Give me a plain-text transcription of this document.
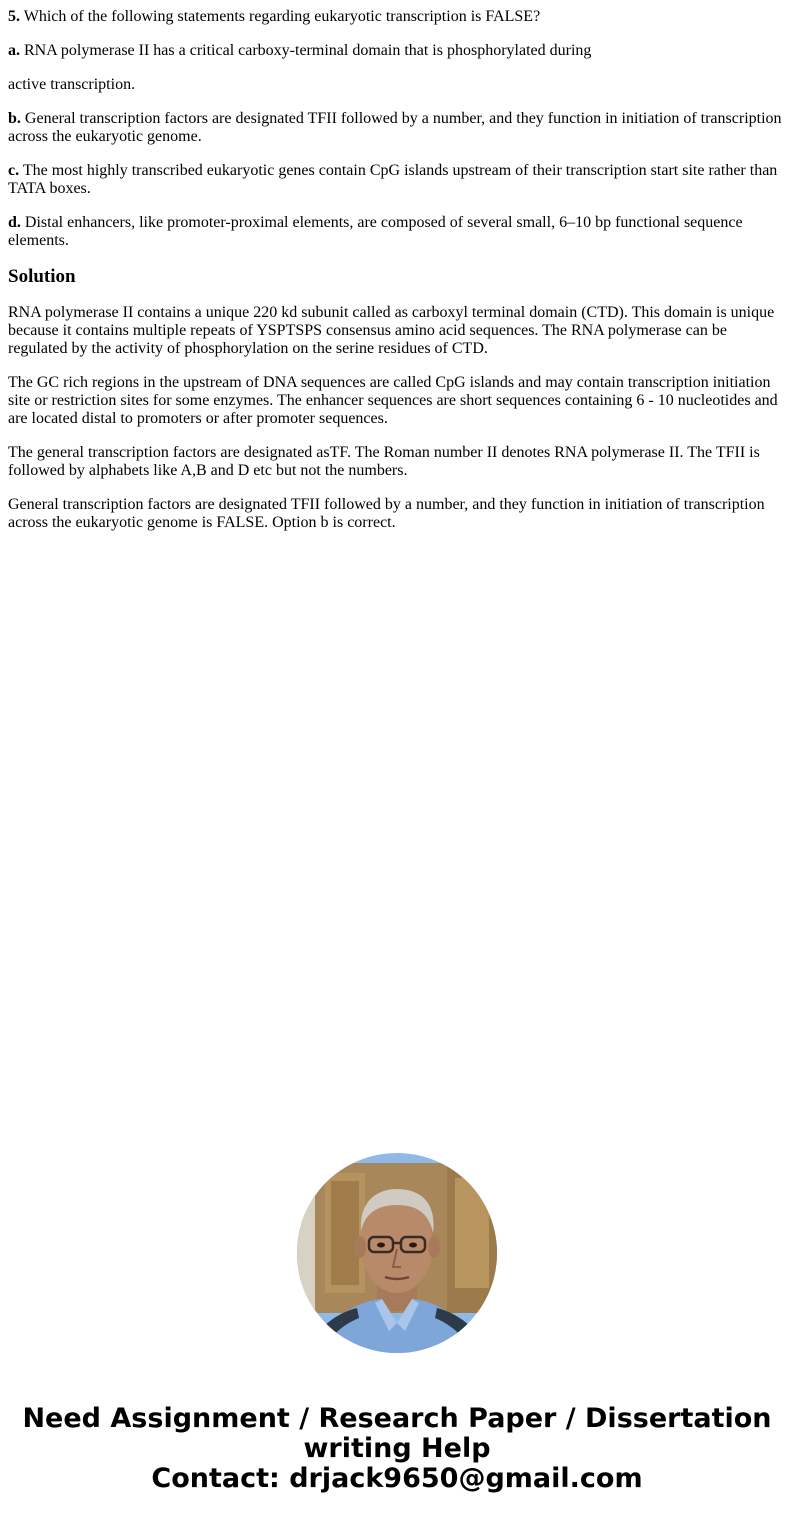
5. Which of the following statements regarding eukaryotic transcription is FALSE?

a. RNA polymerase II has a critical carboxy-terminal domain that is phosphorylated during

active transcription.

b. General transcription factors are designated TFII followed by a number, and they function in initiation of transcription across the eukaryotic genome.

c. The most highly transcribed eukaryotic genes contain CpG islands upstream of their transcription start site rather than TATA boxes.

d. Distal enhancers, like promoter-proximal elements, are composed of several small, 6–10 bp functional sequence elements.

Solution

RNA polymerase II contains a unique 220 kd subunit called as carboxyl terminal domain (CTD). This domain is unique because it contains multiple repeats of YSPTSPS consensus amino acid sequences. The RNA polymerase can be regulated by the activity of phosphorylation on the serine residues of CTD.

The GC rich regions in the upstream of DNA sequences are called CpG islands and may contain transcription initiation site or restriction sites for some enzymes. The enhancer sequences are short sequences containing 6 - 10 nucleotides and are located distal to promoters or after promoter sequences.

The general transcription factors are designated asTF. The Roman number II denotes RNA polymerase II. The TFII is followed by alphabets like A,B and D etc but not the numbers.

General transcription factors are designated TFII followed by a number, and they function in initiation of transcription across the eukaryotic genome is FALSE. Option b is correct.

Need Assignment / Research Paper / Dissertation
writing Help
Contact: drjack9650@gmail.com
